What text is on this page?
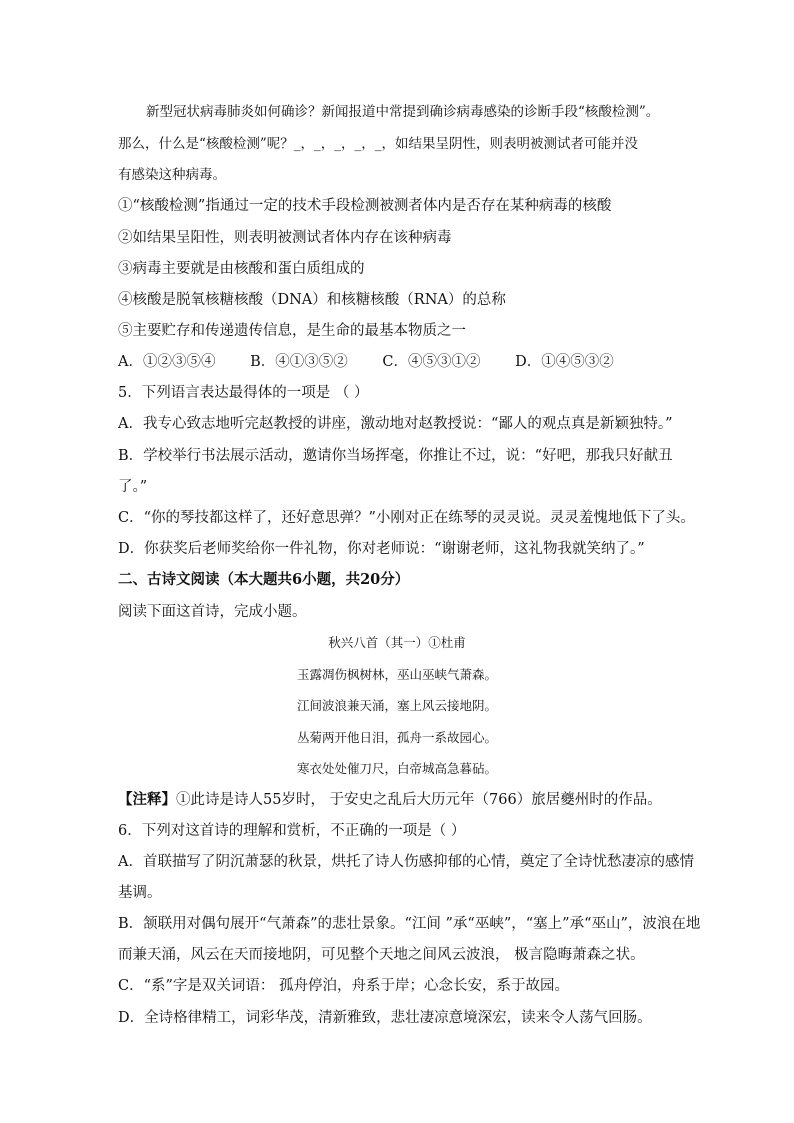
新型冠状病毒肺炎如何确诊？新闻报道中常提到确诊病毒感染的诊断手段“核酸检测”。
那么，什么是“核酸检测”呢？_，_，_，_，_，如结果呈阴性，则表明被测试者可能并没
有感染这种病毒。
①“核酸检测”指通过一定的技术手段检测被测者体内是否存在某种病毒的核酸
②如结果呈阳性，则表明被测试者体内存在该种病毒
③病毒主要就是由核酸和蛋白质组成的
④核酸是脱氧核糖核酸（DNA）和核糖核酸（RNA）的总称
⑤主要贮存和传递遗传信息，是生命的最基本物质之一
A．①②③⑤④ B．④①③⑤② C．④⑤③①② D．①④⑤③②
5．下列语言表达最得体的一项是 （ ）
A．我专心致志地听完赵教授的讲座，激动地对赵教授说：“鄙人的观点真是新颖独特。”
B．学校举行书法展示活动，邀请你当场挥毫，你推让不过，说：“好吧，那我只好献丑
了。”
C．“你的琴技都这样了，还好意思弹？”小刚对正在练琴的灵灵说。灵灵羞愧地低下了头。
D．你获奖后老师奖给你一件礼物，你对老师说：“谢谢老师，这礼物我就笑纳了。”
二、古诗文阅读（本大题共6小题，共20分）
阅读下面这首诗，完成小题。
秋兴八首（其一）①杜甫
玉露凋伤枫树林，巫山巫峡气萧森。
江间波浪兼天涌，塞上风云接地阴。
丛菊两开他日泪，孤舟一系故园心。
寒衣处处催刀尺，白帝城高急暮砧。
【注释】①此诗是诗人55岁时， 于安史之乱后大历元年（766）旅居夔州时的作品。
6．下列对这首诗的理解和赏析，不正确的一项是（ ）
A．首联描写了阴沉萧瑟的秋景，烘托了诗人伤感抑郁的心情，奠定了全诗忧愁凄凉的感情
基调。
B．颔联用对偶句展开“气萧森”的悲壮景象。“江间 ”承“巫峡”，“塞上”承“巫山”，波浪在地
而兼天涌，风云在天而接地阴，可见整个天地之间风云波浪， 极言隐晦萧森之状。
C．“系”字是双关词语： 孤舟停泊，舟系于岸；心念长安，系于故园。
D．全诗格律精工，词彩华茂，清新雅致，悲壮凄凉意境深宏，读来令人荡气回肠。
